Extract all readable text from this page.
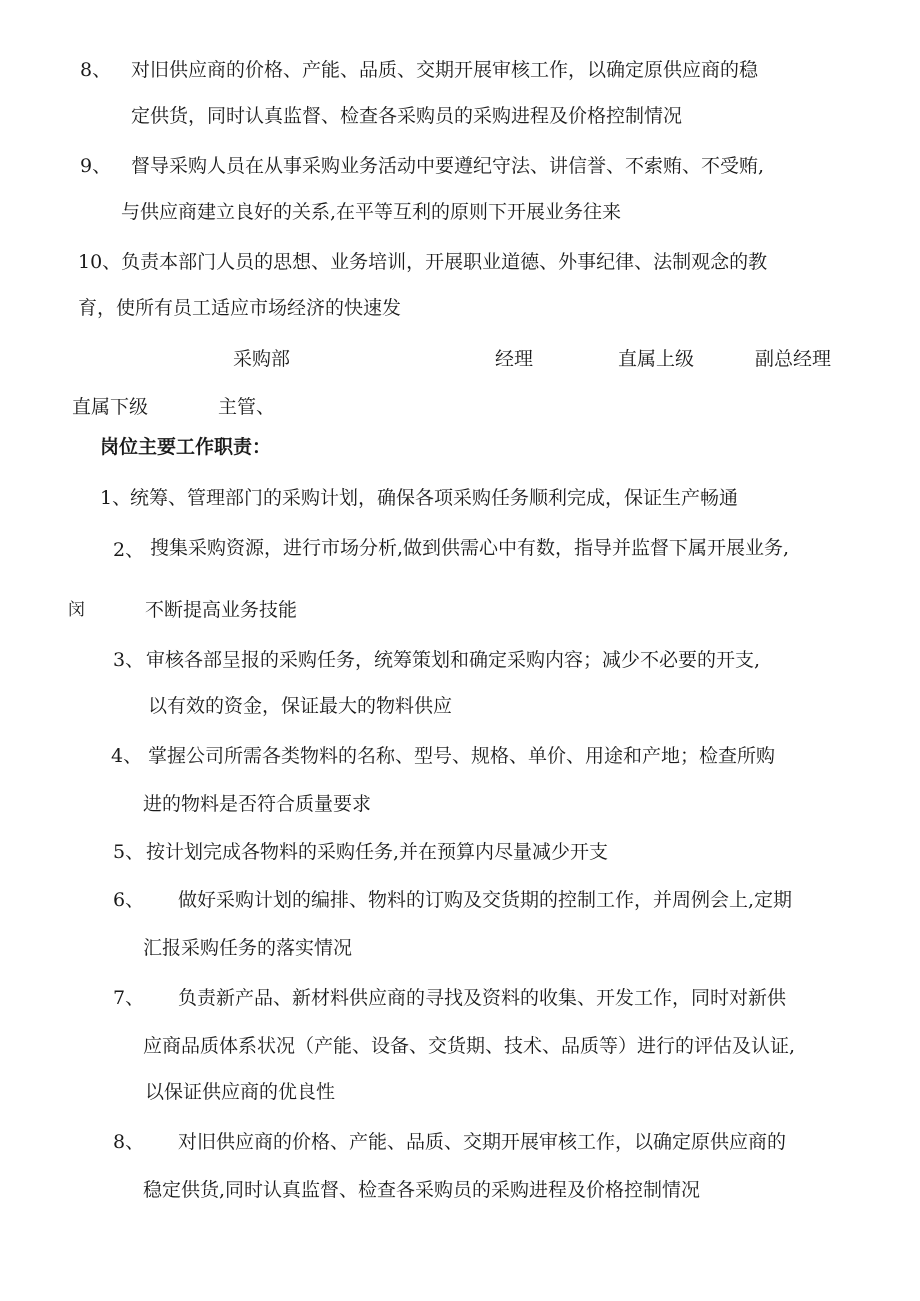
8、 对旧供应商的价格、产能、品质、交期开展审核工作，以确定原供应商的稳
定供货，同时认真监督、检查各采购员的采购进程及价格控制情况
9、 督导采购人员在从事采购业务活动中要遵纪守法、讲信誉、不索贿、不受贿,
与供应商建立良好的关系,在平等互利的原则下开展业务往来
10、负责本部门人员的思想、业务培训，开展职业道德、外事纪律、法制观念的教
育，使所有员工适应市场经济的快速发
采购部	经理	直属上级	副总经理
直属下级	主管、
岗位主要工作职责：
1、
统筹、管理部门的采购计划，确保各项采购任务顺利完成，保证生产畅通
2、 搜集采购资源，进行市场分析,做到供需心中有数，指导并监督下属开展业务,
闵	不断提高业务技能
3、 审核各部呈报的采购任务，统筹策划和确定采购内容；减少不必要的开支,
以有效的资金，保证最大的物料供应
4、 掌握公司所需各类物料的名称、型号、规格、单价、用途和产地；检查所购
进的物料是否符合质量要求
5、 按计划完成各物料的采购任务,并在预算内尽量减少开支
6、 做好采购计划的编排、物料的订购及交货期的控制工作，并周例会上,定期
汇报采购任务的落实情况
7、 负责新产品、新材料供应商的寻找及资料的收集、开发工作，同时对新供
应商品质体系状况（产能、设备、交货期、技术、品质等）进行的评估及认证,
以保证供应商的优良性
8、 对旧供应商的价格、产能、品质、交期开展审核工作，以确定原供应商的
稳定供货,同时认真监督、检查各采购员的采购进程及价格控制情况
